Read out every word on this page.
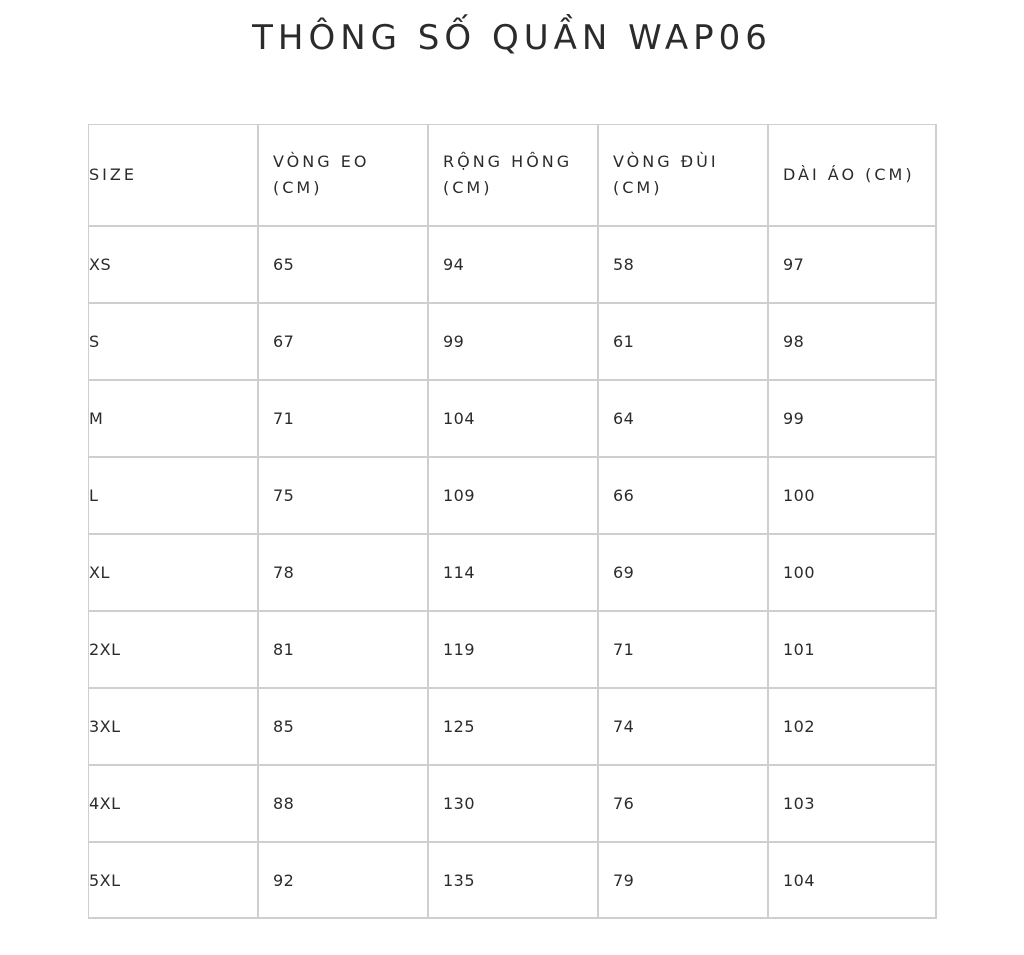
THÔNG SỐ QUẦN WAP06
SIZE	VÒNG EO (CM)	RỘNG HÔNG (CM)	VÒNG ĐÙI (CM)	DÀI ÁO (CM)
XS	65	94	58	97
S	67	99	61	98
M	71	104	64	99
L	75	109	66	100
XL	78	114	69	100
2XL	81	119	71	101
3XL	85	125	74	102
4XL	88	130	76	103
5XL	92	135	79	104
